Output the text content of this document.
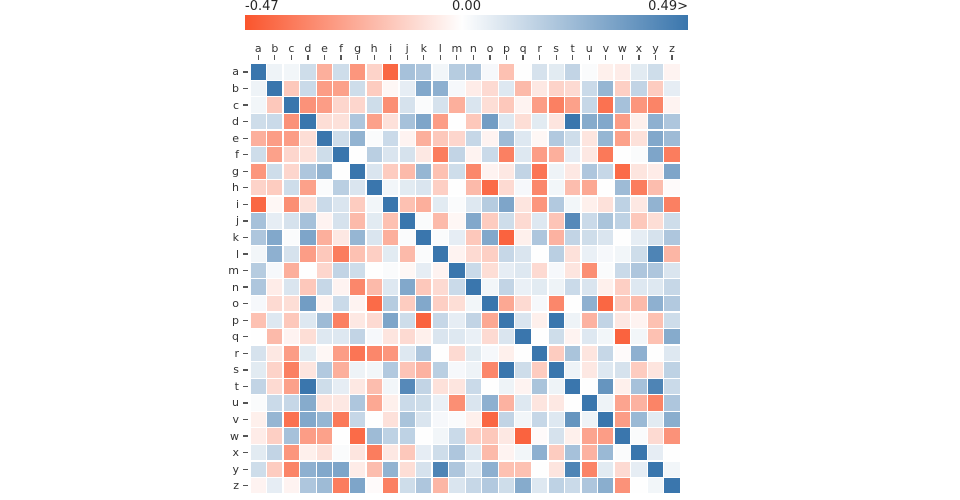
-0.47	0.00	0.49>
a b c d e	f	g h	i	j	k	l m n o p q r	s	t u v w x y z
a
b
c
d
e
f
g
h
i
j
k
l
m
n
o
p
q
r
s
t
u
v
w
x
y
z
